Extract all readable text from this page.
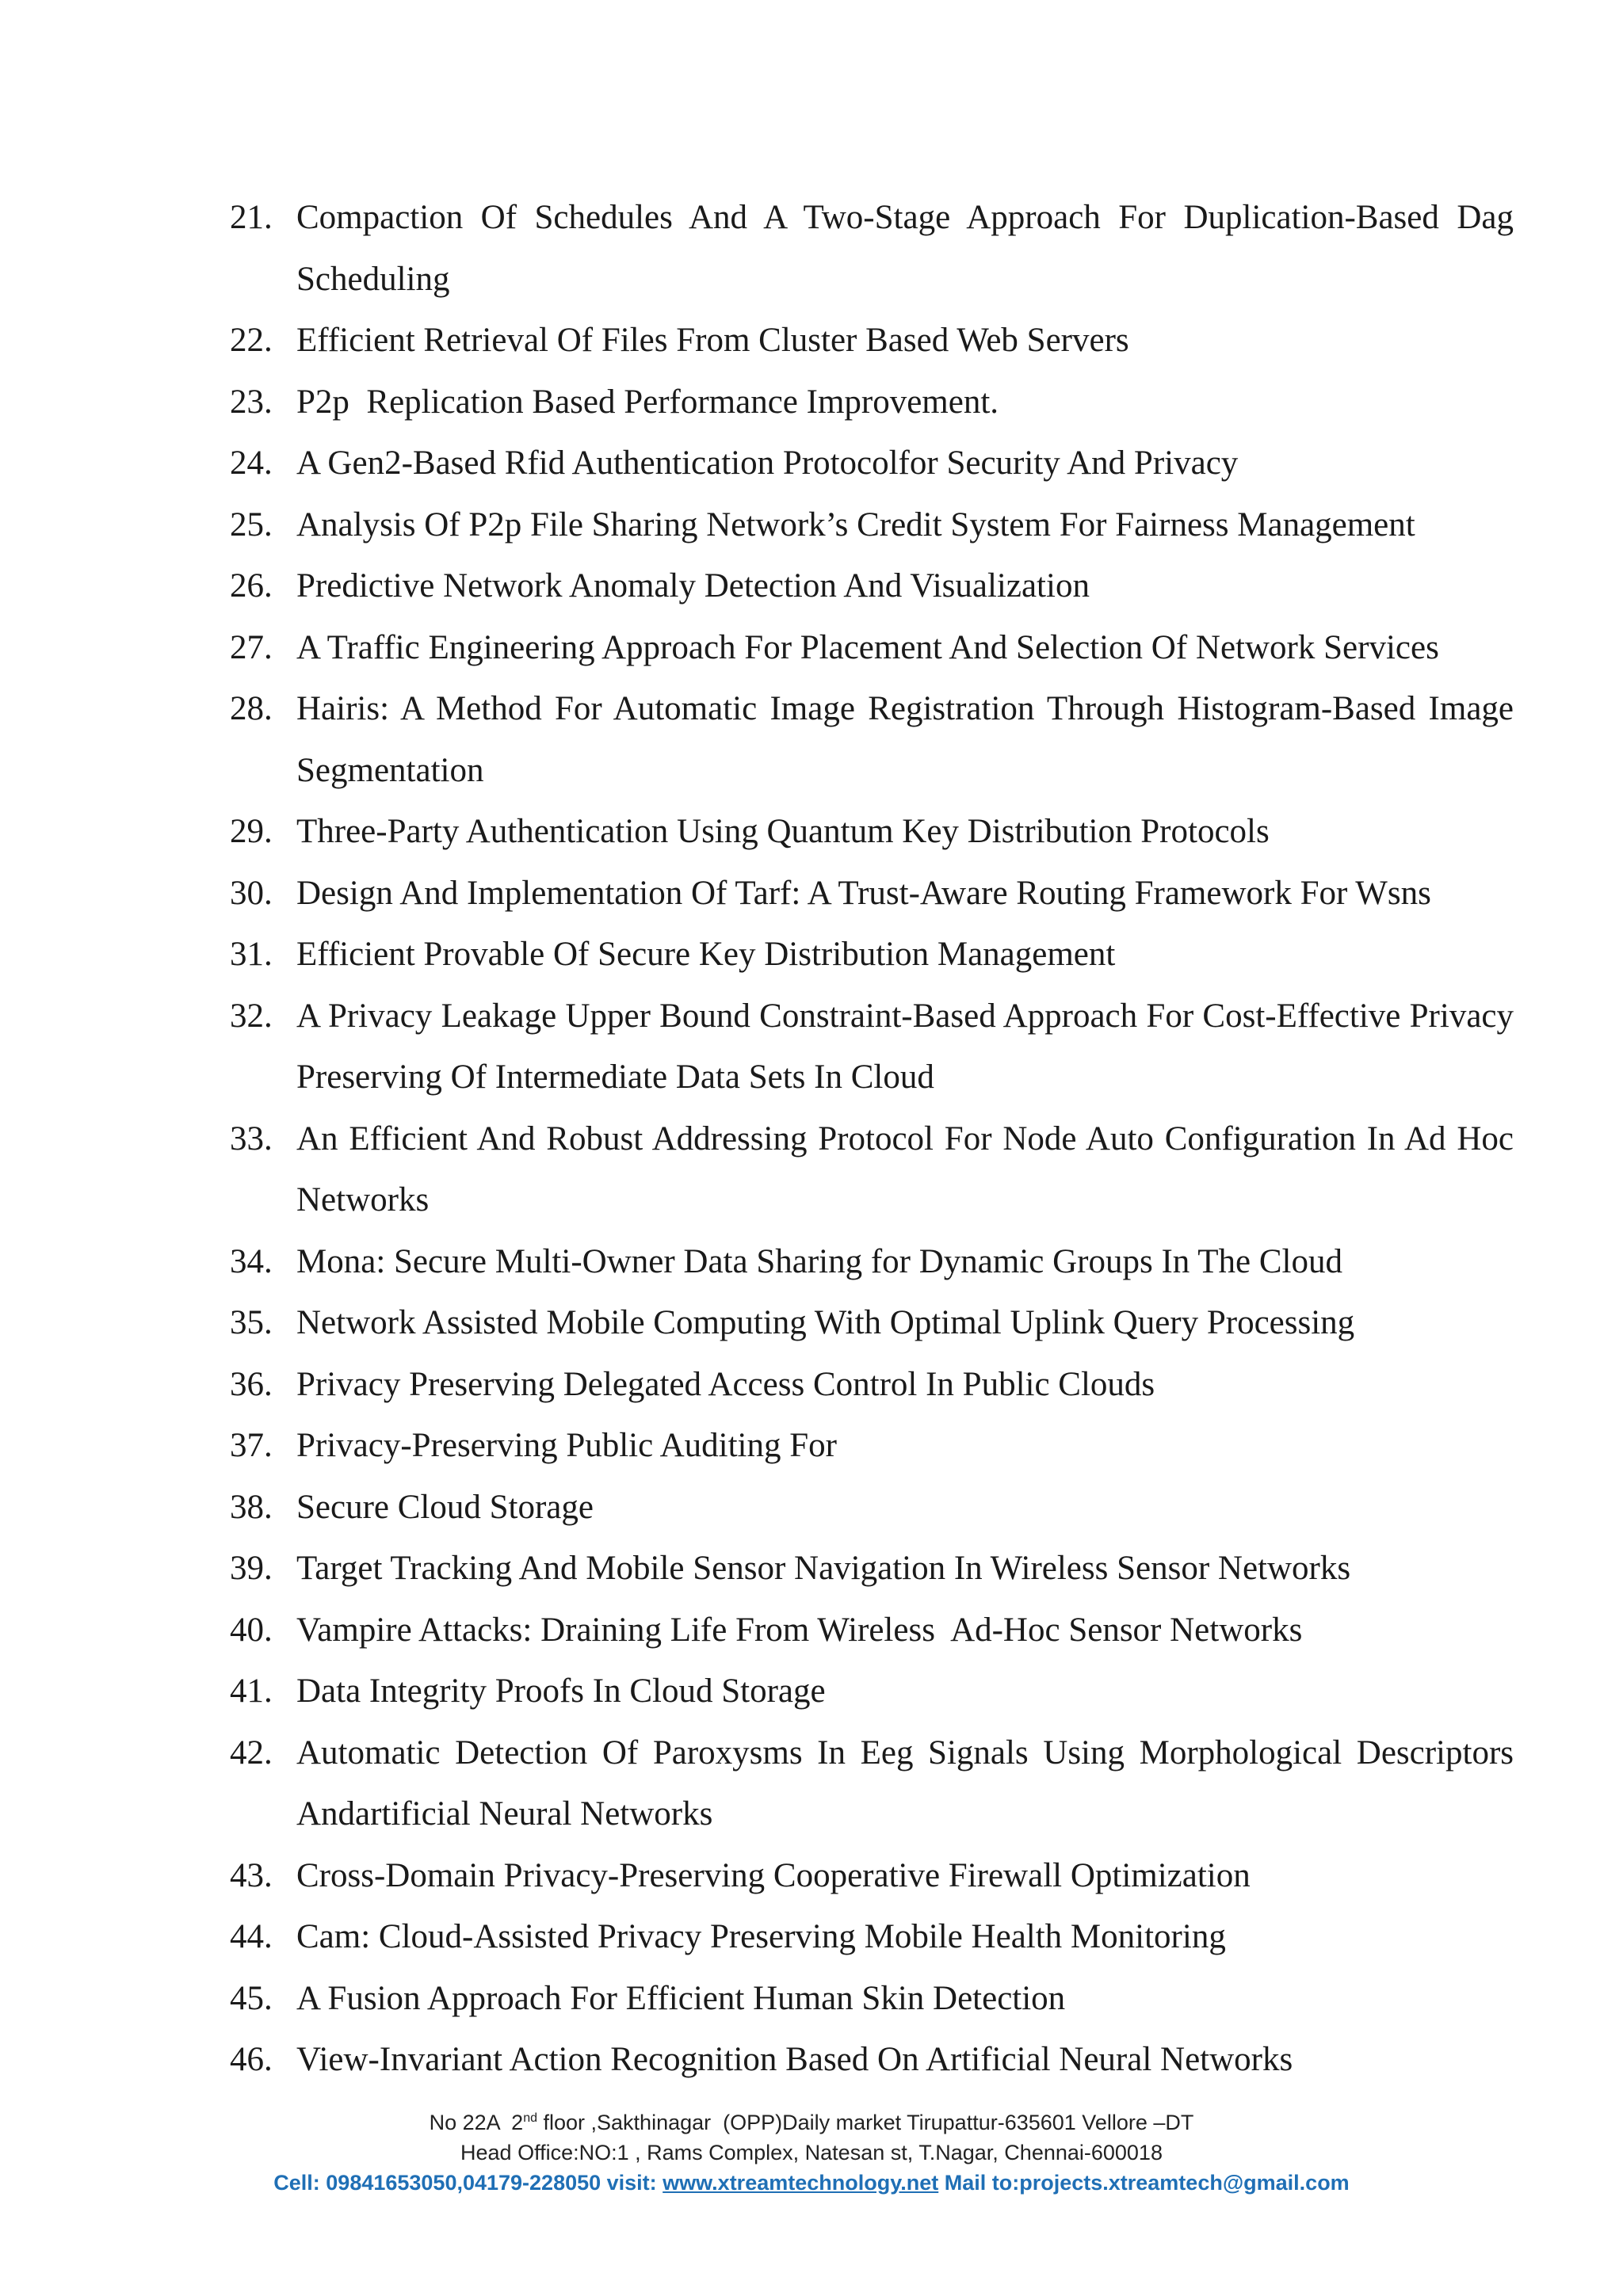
21. Compaction Of Schedules And A Two-Stage Approach For Duplication-Based Dag Scheduling
22. Efficient Retrieval Of Files From Cluster Based Web Servers
23. P2p  Replication Based Performance Improvement.
24. A Gen2-Based Rfid Authentication Protocolfor Security And Privacy
25. Analysis Of P2p File Sharing Network’s Credit System For Fairness Management
26. Predictive Network Anomaly Detection And Visualization
27. A Traffic Engineering Approach For Placement And Selection Of Network Services
28. Hairis: A Method For Automatic Image Registration Through Histogram-Based Image Segmentation
29. Three-Party Authentication Using Quantum Key Distribution Protocols
30. Design And Implementation Of Tarf: A Trust-Aware Routing Framework For Wsns
31. Efficient Provable Of Secure Key Distribution Management
32. A Privacy Leakage Upper Bound Constraint-Based Approach For Cost-Effective Privacy Preserving Of Intermediate Data Sets In Cloud
33. An Efficient And Robust Addressing Protocol For Node Auto Configuration In Ad Hoc Networks
34. Mona: Secure Multi-Owner Data Sharing for Dynamic Groups In The Cloud
35. Network Assisted Mobile Computing With Optimal Uplink Query Processing
36. Privacy Preserving Delegated Access Control In Public Clouds
37. Privacy-Preserving Public Auditing For
38. Secure Cloud Storage
39. Target Tracking And Mobile Sensor Navigation In Wireless Sensor Networks
40. Vampire Attacks: Draining Life From Wireless  Ad-Hoc Sensor Networks
41. Data Integrity Proofs In Cloud Storage
42. Automatic Detection Of Paroxysms In Eeg Signals Using Morphological Descriptors Andartificial Neural Networks
43. Cross-Domain Privacy-Preserving Cooperative Firewall Optimization
44. Cam: Cloud-Assisted Privacy Preserving Mobile Health Monitoring
45. A Fusion Approach For Efficient Human Skin Detection
46. View-Invariant Action Recognition Based On Artificial Neural Networks
No 22A  2nd floor ,Sakthinagar  (OPP)Daily market Tirupattur-635601 Vellore –DT
Head Office:NO:1 , Rams Complex, Natesan st, T.Nagar, Chennai-600018
Cell: 09841653050,04179-228050 visit: www.xtreamtechnology.net Mail to:projects.xtreamtech@gmail.com
